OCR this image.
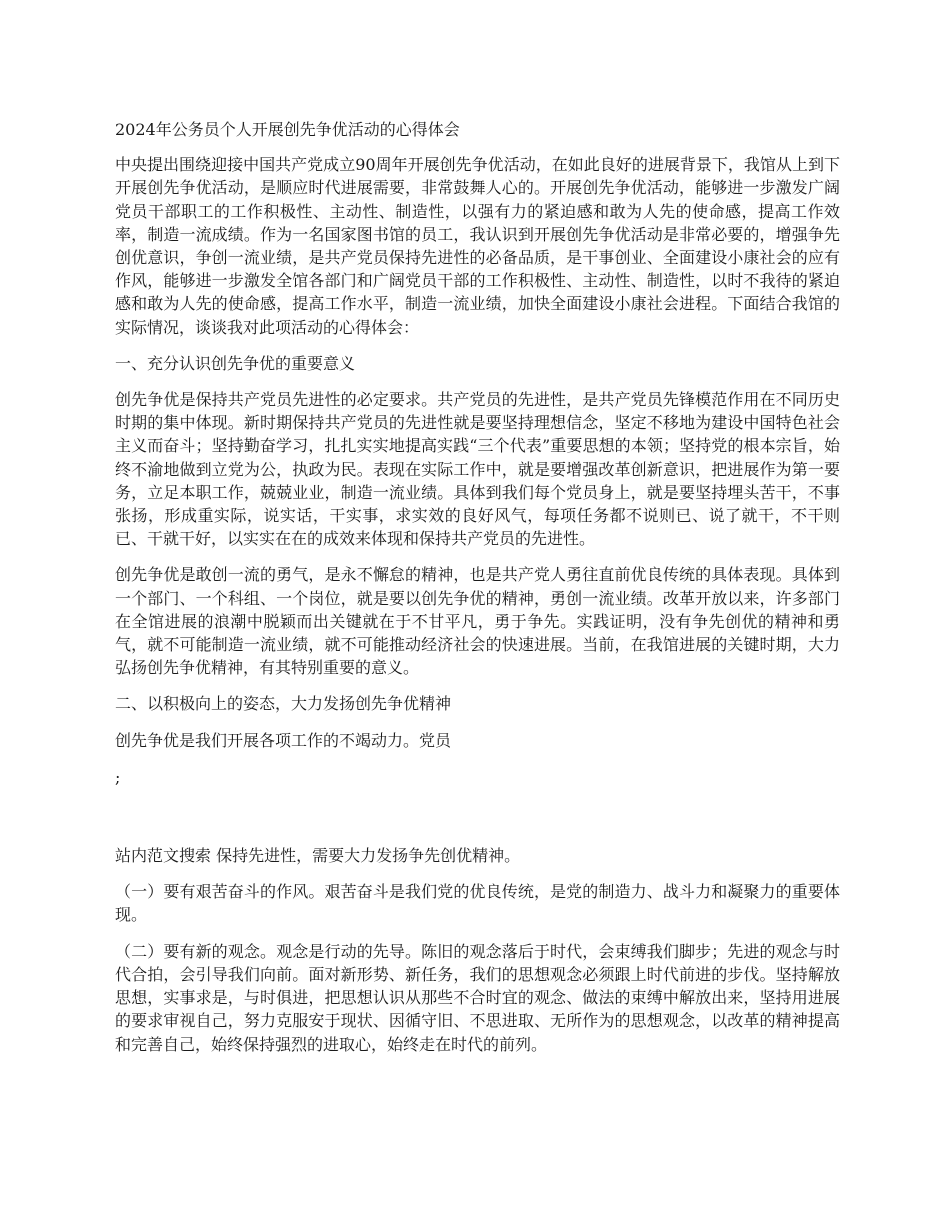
2024年公务员个人开展创先争优活动的心得体会

中央提出围绕迎接中国共产党成立90周年开展创先争优活动，在如此良好的进展背景下，我馆从上到下开展创先争优活动，是顺应时代进展需要，非常鼓舞人心的。开展创先争优活动，能够进一步激发广阔党员干部职工的工作积极性、主动性、制造性，以强有力的紧迫感和敢为人先的使命感，提高工作效率，制造一流成绩。作为一名国家图书馆的员工，我认识到开展创先争优活动是非常必要的，增强争先创优意识，争创一流业绩，是共产党员保持先进性的必备品质，是干事创业、全面建设小康社会的应有作风，能够进一步激发全馆各部门和广阔党员干部的工作积极性、主动性、制造性，以时不我待的紧迫感和敢为人先的使命感，提高工作水平，制造一流业绩，加快全面建设小康社会进程。下面结合我馆的实际情况，谈谈我对此项活动的心得体会：

一、充分认识创先争优的重要意义

创先争优是保持共产党员先进性的必定要求。共产党员的先进性，是共产党员先锋模范作用在不同历史时期的集中体现。新时期保持共产党员的先进性就是要坚持理想信念，坚定不移地为建设中国特色社会主义而奋斗；坚持勤奋学习，扎扎实实地提高实践“三个代表”重要思想的本领；坚持党的根本宗旨，始终不渝地做到立党为公，执政为民。表现在实际工作中，就是要增强改革创新意识，把进展作为第一要务，立足本职工作，兢兢业业，制造一流业绩。具体到我们每个党员身上，就是要坚持埋头苦干，不事张扬，形成重实际，说实话，干实事，求实效的良好风气，每项任务都不说则已、说了就干，不干则已、干就干好，以实实在在的成效来体现和保持共产党员的先进性。

创先争优是敢创一流的勇气，是永不懈怠的精神，也是共产党人勇往直前优良传统的具体表现。具体到一个部门、一个科组、一个岗位，就是要以创先争优的精神，勇创一流业绩。改革开放以来，许多部门在全馆进展的浪潮中脱颖而出关键就在于不甘平凡，勇于争先。实践证明，没有争先创优的精神和勇气，就不可能制造一流业绩，就不可能推动经济社会的快速进展。当前，在我馆进展的关键时期，大力弘扬创先争优精神，有其特别重要的意义。

二、以积极向上的姿态，大力发扬创先争优精神

创先争优是我们开展各项工作的不竭动力。党员

;

站内范文搜索 保持先进性，需要大力发扬争先创优精神。

（一）要有艰苦奋斗的作风。艰苦奋斗是我们党的优良传统，是党的制造力、战斗力和凝聚力的重要体现。

（二）要有新的观念。观念是行动的先导。陈旧的观念落后于时代，会束缚我们脚步；先进的观念与时代合拍，会引导我们向前。面对新形势、新任务，我们的思想观念必须跟上时代前进的步伐。坚持解放思想，实事求是，与时俱进，把思想认识从那些不合时宜的观念、做法的束缚中解放出来，坚持用进展的要求审视自己，努力克服安于现状、因循守旧、不思进取、无所作为的思想观念，以改革的精神提高和完善自己，始终保持强烈的进取心，始终走在时代的前列。
